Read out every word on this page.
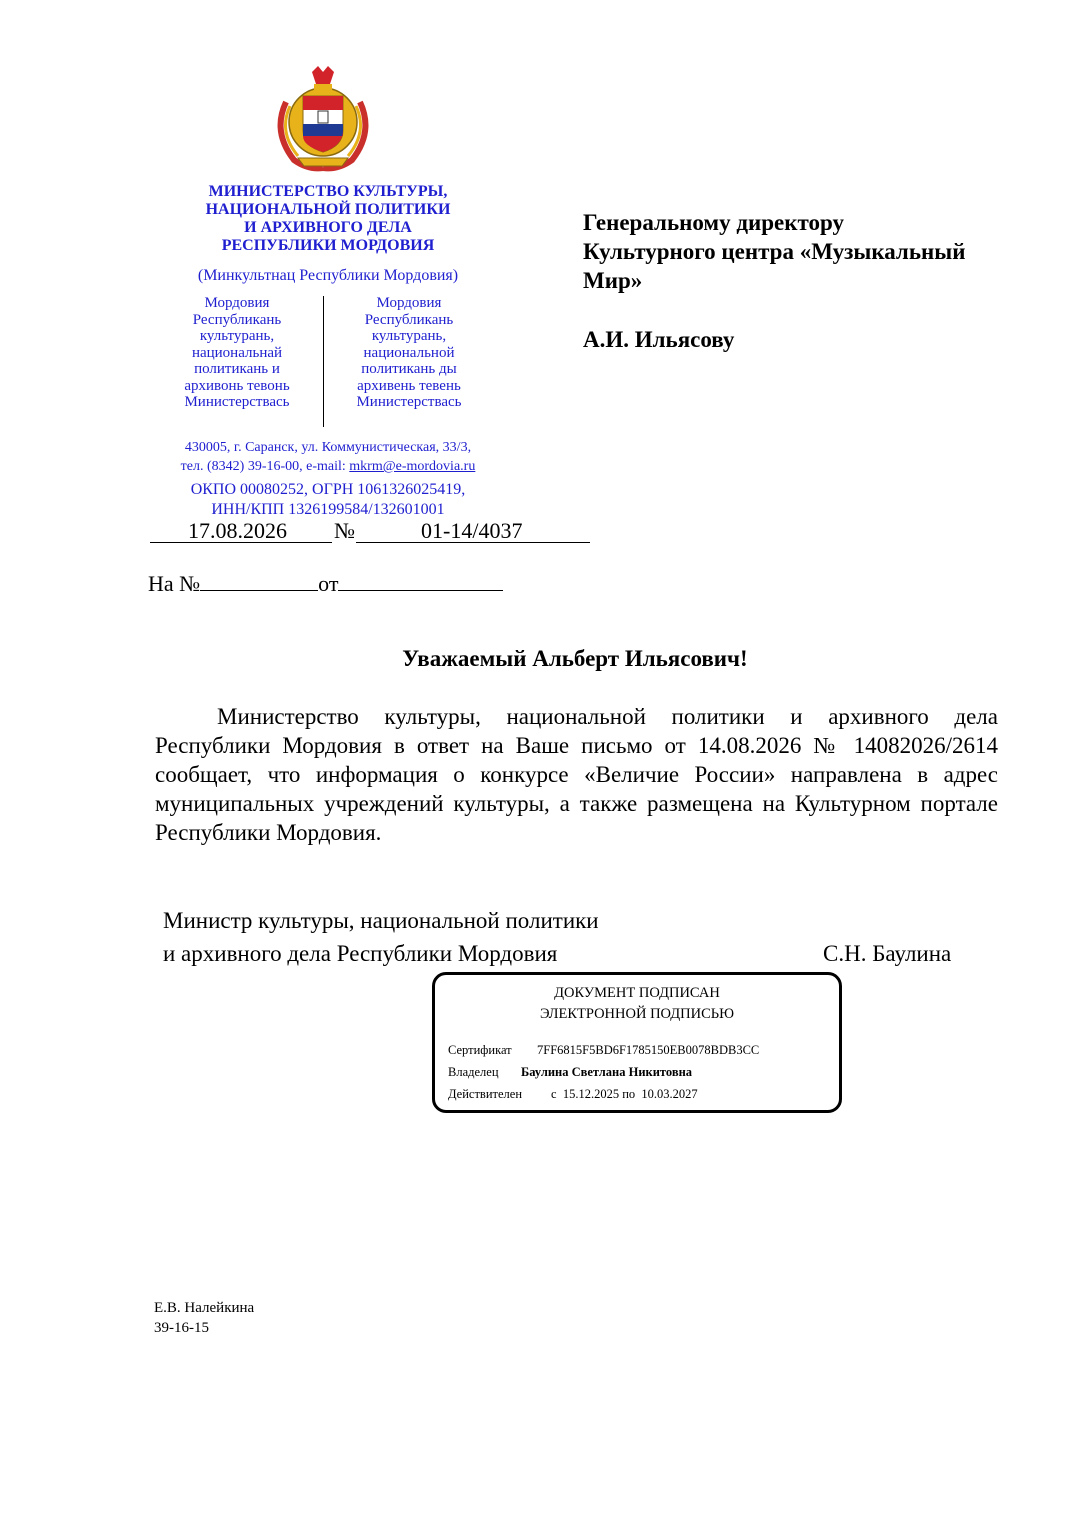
МИНИСТЕРСТВО КУЛЬТУРЫ,
НАЦИОНАЛЬНОЙ ПОЛИТИКИ
И АРХИВНОГО ДЕЛА
РЕСПУБЛИКИ МОРДОВИЯ
(Минкультнац Республики Мордовия)
Мордовия
Республикань
культурань,
национальнай
политикань и
архивонь тевонь
Министерствась
Мордовия
Республикань
культурань,
национальной
политикань ды
архивень тевень
Министерствась
430005, г. Саранск, ул. Коммунистическая, 33/3,
тел. (8342) 39-16-00, e-mail: mkrm@e-mordovia.ru
ОКПО 00080252, ОГРН 1061326025419,
ИНН/КПП 1326199584/132601001
17.08.2026 №	01-14/4037
На №	от
Генеральному директору
Культурного центра «Музыкальный
Мир»
А.И. Ильясову
Уважаемый Альберт Ильясович!
Министерство культуры, национальной политики и архивного дела Республики Мордовия в ответ на Ваше письмо от 14.08.2026 № 14082026/2614 сообщает, что информация о конкурсе «Величие России» направлена в адрес муниципальных учреждений культуры, а также размещена на Культурном портале Республики Мордовия.
Министр культуры, национальной политики
и архивного дела Республики Мордовия	С.Н. Баулина
ДОКУМЕНТ ПОДПИСАН
ЭЛЕКТРОННОЙ ПОДПИСЬЮ
Сертификат 7FF6815F5BD6F1785150EB0078BDB3CC
Владелец Баулина Светлана Никитовна
Действителен с 15.12.2025 по 10.03.2027
Е.В. Налейкина
39-16-15
